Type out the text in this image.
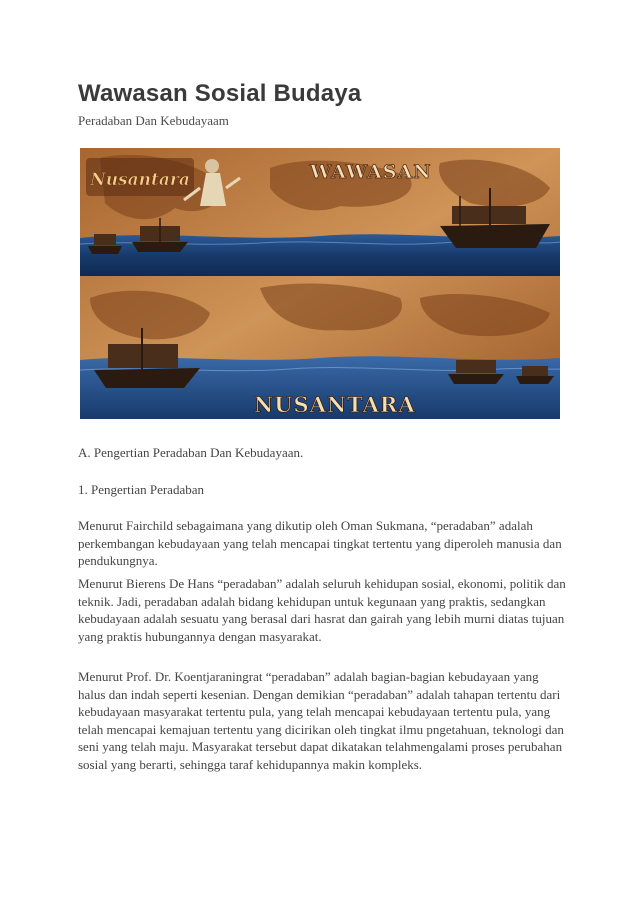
Wawasan Sosial Budaya
Peradaban Dan Kebudayaam
Nusantara	WAWASAN
NUSANTARA
A. Pengertian Peradaban Dan Kebudayaan.
1. Pengertian Peradaban

Menurut Fairchild sebagaimana yang dikutip oleh Oman Sukmana, “peradaban” adalah perkembangan kebudayaan yang telah mencapai tingkat tertentu yang diperoleh manusia dan pendukungnya.

Menurut Bierens De Hans “peradaban” adalah seluruh kehidupan sosial, ekonomi, politik dan teknik. Jadi, peradaban adalah bidang kehidupan untuk kegunaan yang praktis, sedangkan kebudayaan adalah sesuatu yang berasal dari hasrat dan gairah yang lebih murni diatas tujuan yang praktis hubungannya dengan masyarakat.

Menurut Prof. Dr. Koentjaraningrat “peradaban” adalah bagian-bagian kebudayaan yang halus dan indah seperti kesenian. Dengan demikian “peradaban” adalah tahapan tertentu dari kebudayaan masyarakat tertentu pula, yang telah mencapai kebudayaan tertentu pula, yang telah mencapai kemajuan tertentu yang dicirikan oleh tingkat ilmu pngetahuan, teknologi dan seni yang telah maju. Masyarakat tersebut dapat dikatakan telahmengalami proses perubahan sosial yang berarti, sehingga taraf kehidupannya makin kompleks.
